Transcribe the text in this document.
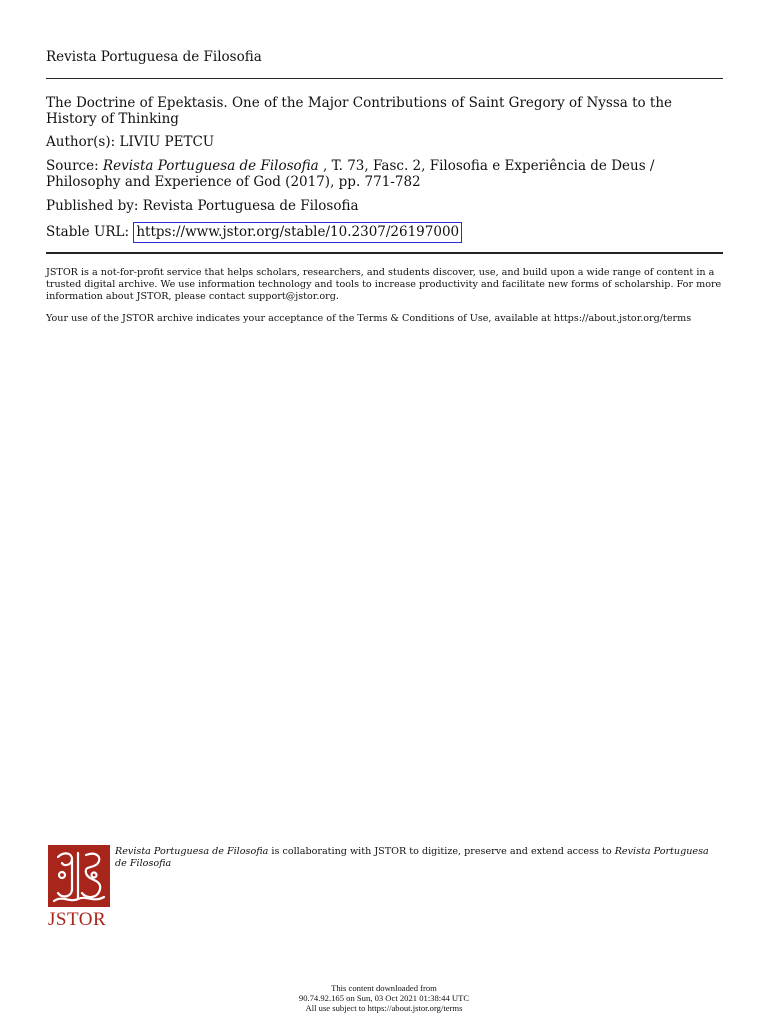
Revista Portuguesa de Filosofia
The Doctrine of Epektasis. One of the Major Contributions of Saint Gregory of Nyssa to the History of Thinking
Author(s): LIVIU PETCU
Source: Revista Portuguesa de Filosofia , T. 73, Fasc. 2, Filosofia e Experiência de Deus / Philosophy and Experience of God (2017), pp. 771-782
Published by: Revista Portuguesa de Filosofia
Stable URL: https://www.jstor.org/stable/10.2307/26197000
JSTOR is a not-for-profit service that helps scholars, researchers, and students discover, use, and build upon a wide range of content in a trusted digital archive. We use information technology and tools to increase productivity and facilitate new forms of scholarship. For more information about JSTOR, please contact support@jstor.org.
Your use of the JSTOR archive indicates your acceptance of the Terms & Conditions of Use, available at https://about.jstor.org/terms
JSTOR
Revista Portuguesa de Filosofia is collaborating with JSTOR to digitize, preserve and extend access to Revista Portuguesa de Filosofia
This content downloaded from
90.74.92.165 on Sun, 03 Oct 2021 01:38:44 UTC
All use subject to https://about.jstor.org/terms
